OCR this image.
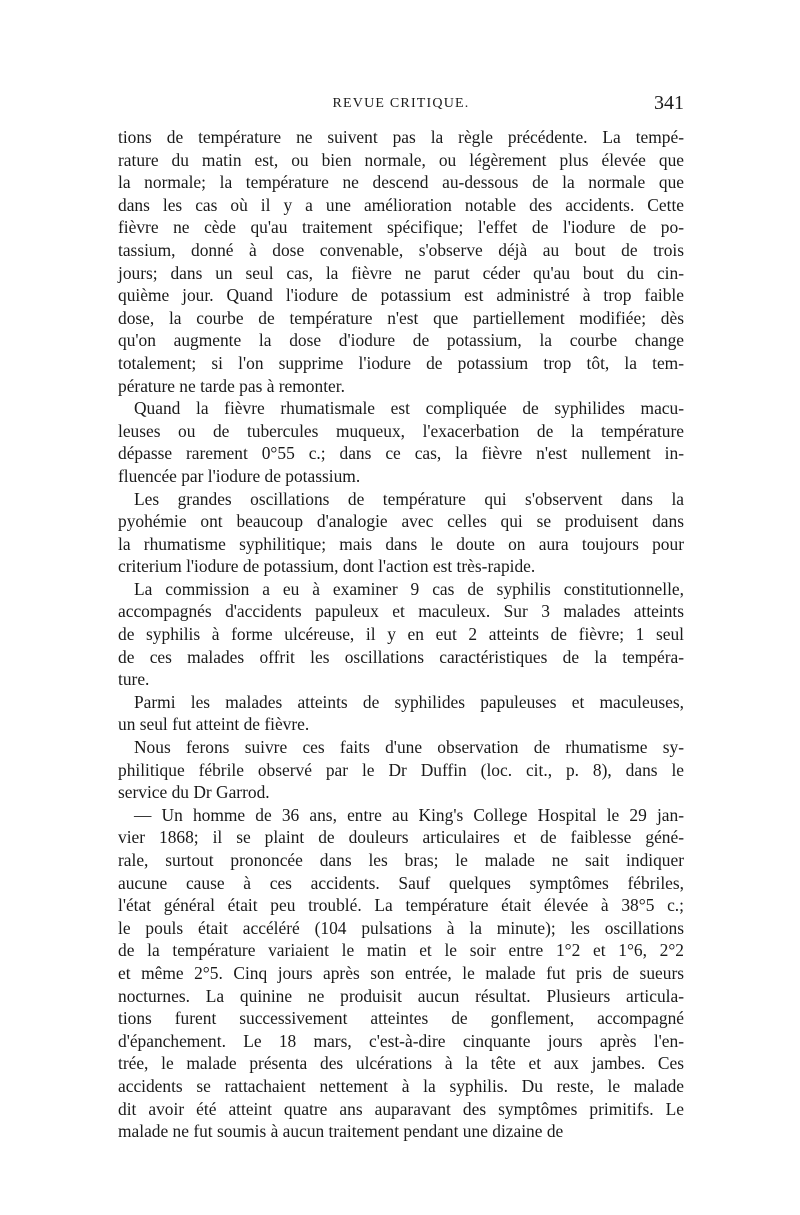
REVUE CRITIQUE.	341
tions de température ne suivent pas la règle précédente. La tempé-
rature du matin est, ou bien normale, ou légèrement plus élevée que
la normale; la température ne descend au-dessous de la normale que
dans les cas où il y a une amélioration notable des accidents. Cette
fièvre ne cède qu'au traitement spécifique; l'effet de l'iodure de po-
tassium, donné à dose convenable, s'observe déjà au bout de trois
jours; dans un seul cas, la fièvre ne parut céder qu'au bout du cin-
quième jour. Quand l'iodure de potassium est administré à trop faible
dose, la courbe de température n'est que partiellement modifiée; dès
qu'on augmente la dose d'iodure de potassium, la courbe change
totalement; si l'on supprime l'iodure de potassium trop tôt, la tem-
pérature ne tarde pas à remonter.
Quand la fièvre rhumatismale est compliquée de syphilides macu-
leuses ou de tubercules muqueux, l'exacerbation de la température
dépasse rarement 0°55 c.; dans ce cas, la fièvre n'est nullement in-
fluencée par l'iodure de potassium.
Les grandes oscillations de température qui s'observent dans la
pyohémie ont beaucoup d'analogie avec celles qui se produisent dans
la rhumatisme syphilitique; mais dans le doute on aura toujours pour
criterium l'iodure de potassium, dont l'action est très-rapide.
La commission a eu à examiner 9 cas de syphilis constitutionnelle,
accompagnés d'accidents papuleux et maculeux. Sur 3 malades atteints
de syphilis à forme ulcéreuse, il y en eut 2 atteints de fièvre; 1 seul
de ces malades offrit les oscillations caractéristiques de la tempéra-
ture.
Parmi les malades atteints de syphilides papuleuses et maculeuses,
un seul fut atteint de fièvre.
Nous ferons suivre ces faits d'une observation de rhumatisme sy-
philitique fébrile observé par le Dr Duffin (loc. cit., p. 8), dans le
service du Dr Garrod.
— Un homme de 36 ans, entre au King's College Hospital le 29 jan-
vier 1868; il se plaint de douleurs articulaires et de faiblesse géné-
rale, surtout prononcée dans les bras; le malade ne sait indiquer
aucune cause à ces accidents. Sauf quelques symptômes fébriles,
l'état général était peu troublé. La température était élevée à 38°5 c.;
le pouls était accéléré (104 pulsations à la minute); les oscillations
de la température variaient le matin et le soir entre 1°2 et 1°6, 2°2
et même 2°5. Cinq jours après son entrée, le malade fut pris de sueurs
nocturnes. La quinine ne produisit aucun résultat. Plusieurs articula-
tions furent successivement atteintes de gonflement, accompagné
d'épanchement. Le 18 mars, c'est-à-dire cinquante jours après l'en-
trée, le malade présenta des ulcérations à la tête et aux jambes. Ces
accidents se rattachaient nettement à la syphilis. Du reste, le malade
dit avoir été atteint quatre ans auparavant des symptômes primitifs. Le
malade ne fut soumis à aucun traitement pendant une dizaine de
